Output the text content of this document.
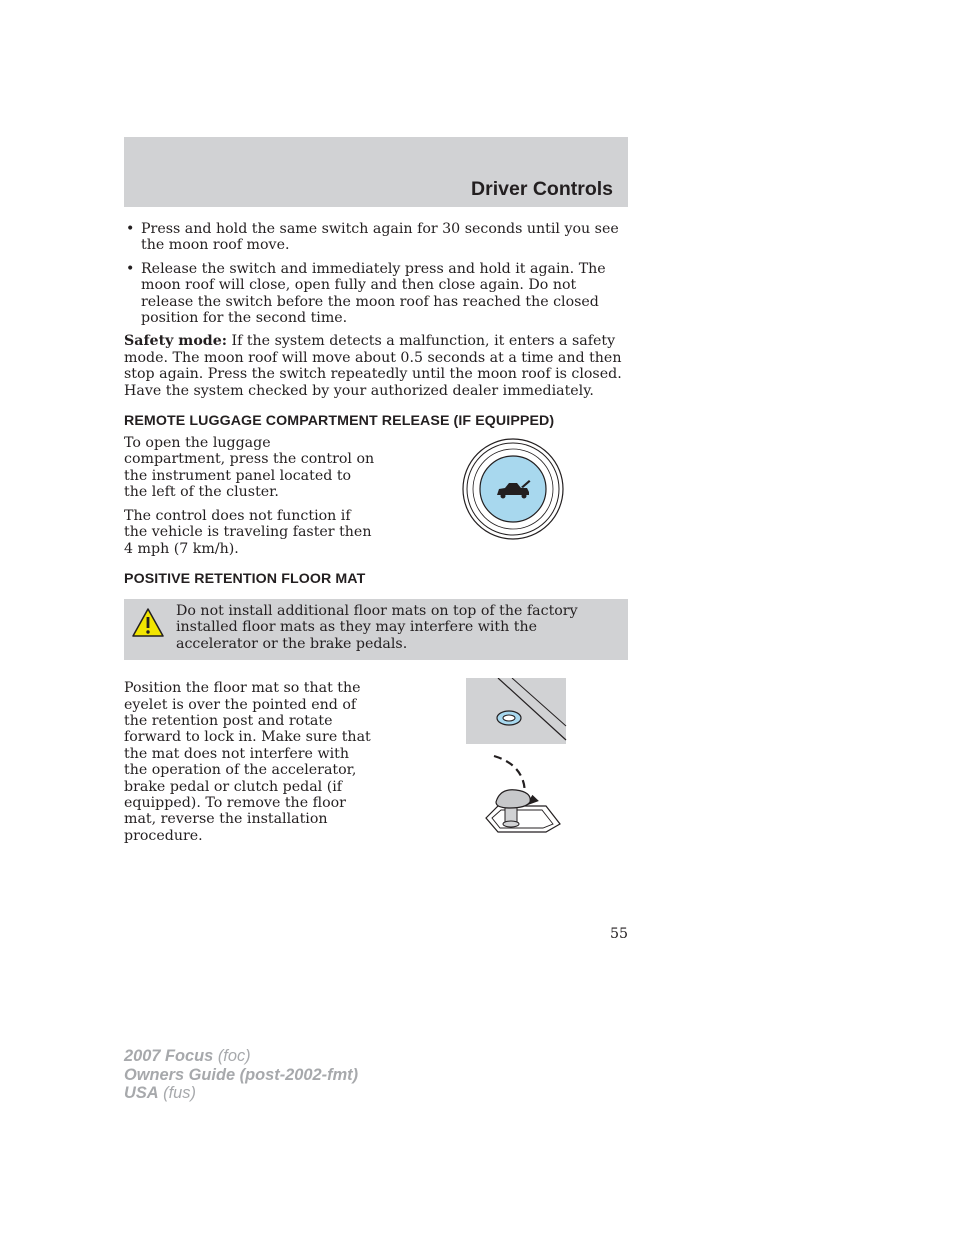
Driver Controls
• Press and hold the same switch again for 30 seconds until you see the moon roof move.
• Release the switch and immediately press and hold it again. The moon roof will close, open fully and then close again. Do not release the switch before the moon roof has reached the closed position for the second time.

Safety mode: If the system detects a malfunction, it enters a safety mode. The moon roof will move about 0.5 seconds at a time and then stop again. Press the switch repeatedly until the moon roof is closed. Have the system checked by your authorized dealer immediately.

REMOTE LUGGAGE COMPARTMENT RELEASE (IF EQUIPPED)

To open the luggage compartment, press the control on the instrument panel located to the left of the cluster.

The control does not function if the vehicle is traveling faster then 4 mph (7 km/h).

POSITIVE RETENTION FLOOR MAT
Do not install additional floor mats on top of the factory installed floor mats as they may interfere with the accelerator or the brake pedals.

Position the floor mat so that the eyelet is over the pointed end of the retention post and rotate forward to lock in. Make sure that the mat does not interfere with the operation of the accelerator, brake pedal or clutch pedal (if equipped). To remove the floor mat, reverse the installation procedure.

55
2007 Focus (foc)
Owners Guide (post-2002-fmt)
USA (fus)
